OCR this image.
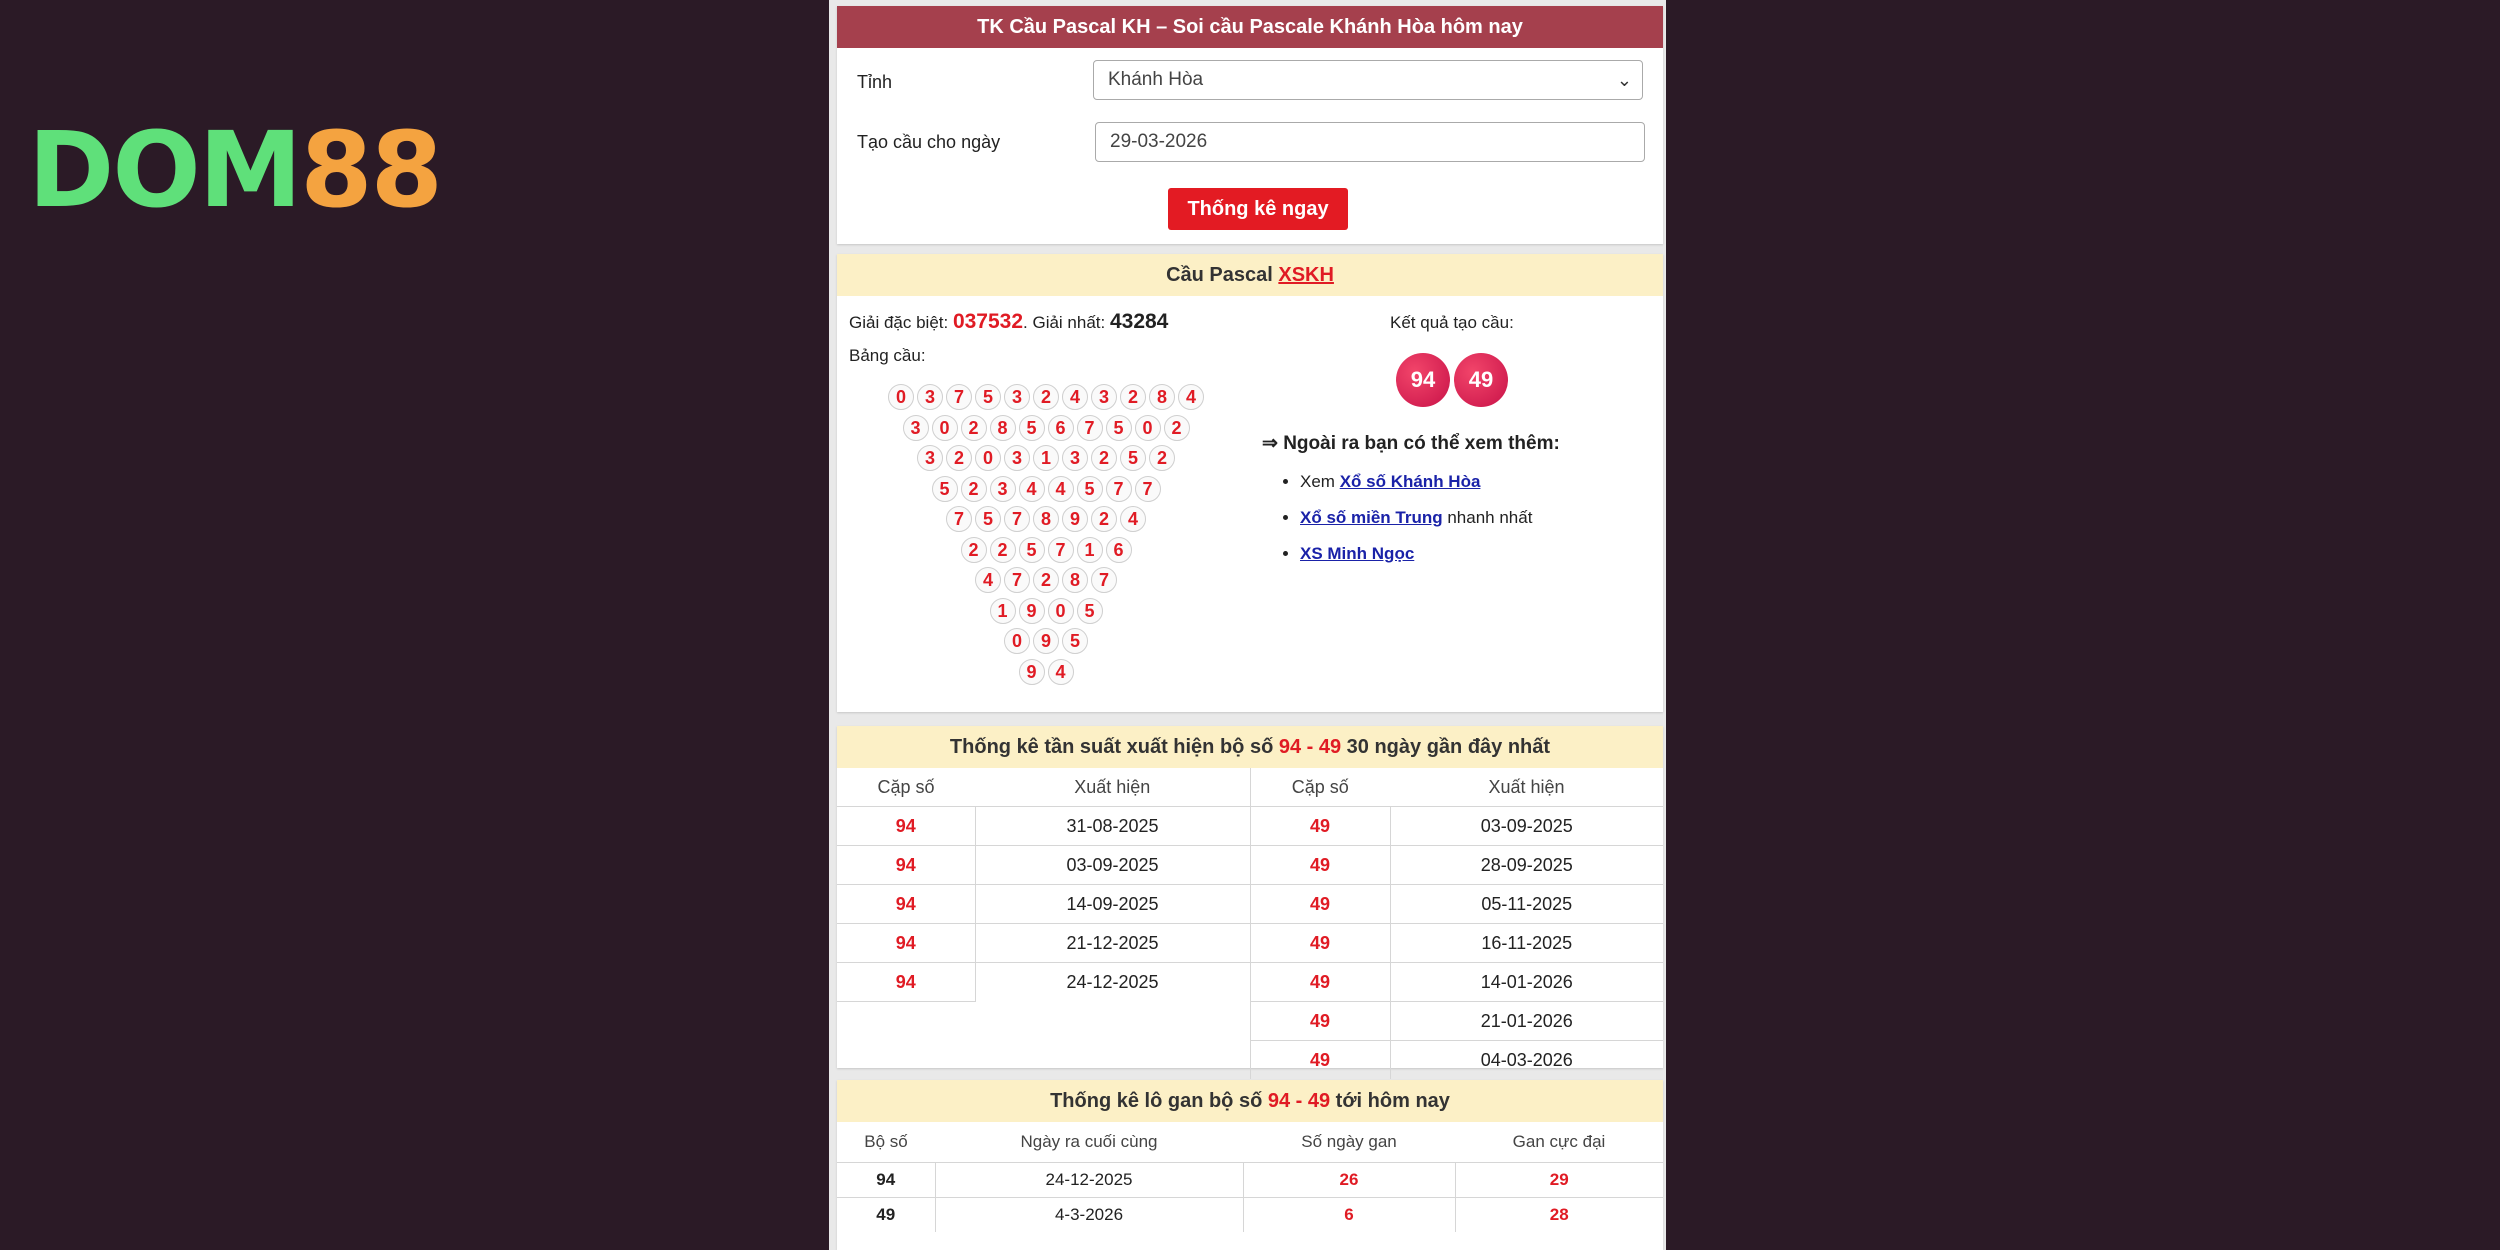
DOM88
TK Cầu Pascal KH – Soi cầu Pascale Khánh Hòa hôm nay
Tỉnh	Khánh Hòa	⌄
Tạo cầu cho ngày	29-03-2026
Thống kê ngay
Cầu Pascal XSKH
Giải đặc biệt: 037532. Giải nhất: 43284
Bảng cầu:
0	3	7	5	3	2	4	3	2	8	4
3	0	2	8	5	6	7	5	0	2
3	2	0	3	1	3	2	5	2
5	2	3	4	4	5	7	7
7	5	7	8	9	2	4
2	2	5	7	1	6
4	7	2	8	7
1	9	0	5
0	9	5
9	4
Kết quả tạo cầu:
94	49
⇒ Ngoài ra bạn có thể xem thêm:
• Xem Xổ số Khánh Hòa
• Xổ số miền Trung nhanh nhất
• XS Minh Ngọc
Thống kê tần suất xuất hiện bộ số 94 - 49 30 ngày gần đây nhất
Cặp số	Xuất hiện	Cặp số	Xuất hiện
94	31-08-2025	49	03-09-2025
94	03-09-2025	49	28-09-2025
94	14-09-2025	49	05-11-2025
94	21-12-2025	49	16-11-2025
94	24-12-2025	49	14-01-2026
		49	21-01-2026
		49	04-03-2026
Thống kê lô gan bộ số 94 - 49 tới hôm nay
Bộ số	Ngày ra cuối cùng	Số ngày gan	Gan cực đại
94	24-12-2025	26	29
49	4-3-2026	6	28
